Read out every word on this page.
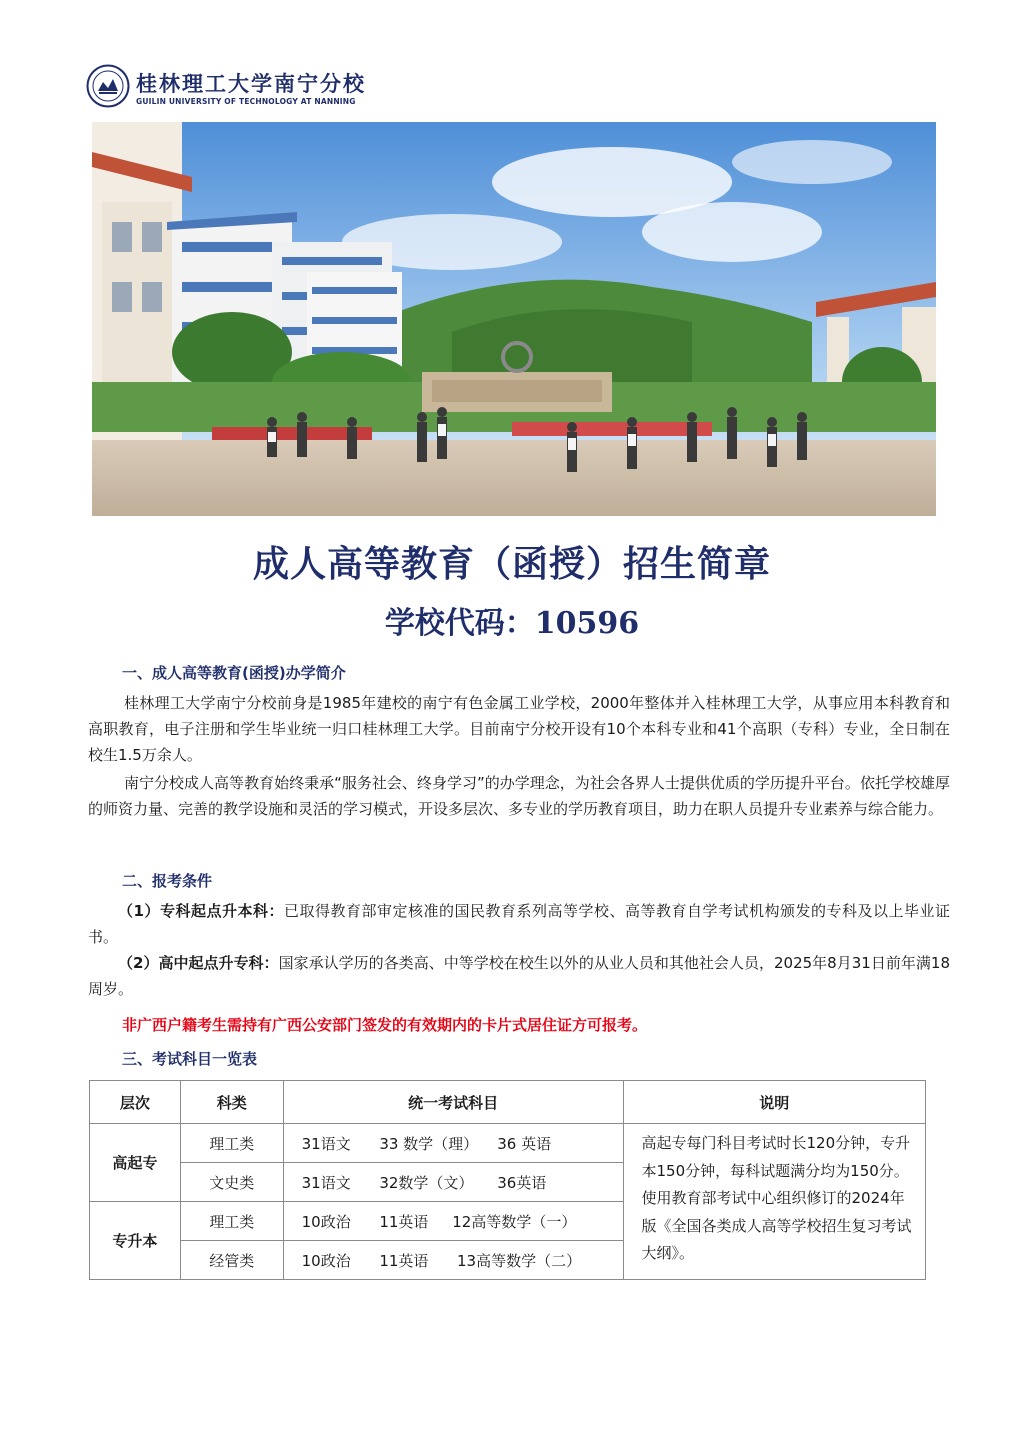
桂林理工大学南宁分校
GUILIN UNIVERSITY OF TECHNOLOGY AT NANNING
成人高等教育（函授）招生简章
学校代码：10596
一、成人高等教育(函授)办学简介

桂林理工大学南宁分校前身是1985年建校的南宁有色金属工业学校，2000年整体并入桂林理工大学，从事应用本科教育和高职教育，电子注册和学生毕业统一归口桂林理工大学。目前南宁分校开设有10个本科专业和41个高职（专科）专业，全日制在校生1.5万余人。

南宁分校成人高等教育始终秉承“服务社会、终身学习”的办学理念，为社会各界人士提供优质的学历提升平台。依托学校雄厚的师资力量、完善的教学设施和灵活的学习模式，开设多层次、多专业的学历教育项目，助力在职人员提升专业素养与综合能力。

二、报考条件

（1）专科起点升本科：已取得教育部审定核准的国民教育系列高等学校、高等教育自学考试机构颁发的专科及以上毕业证书。

（2）高中起点升专科：国家承认学历的各类高、中等学校在校生以外的从业人员和其他社会人员，2025年8月31日前年满18周岁。

非广西户籍考生需持有广西公安部门签发的有效期内的卡片式居住证方可报考。
三、考试科目一览表
层次	科类	统一考试科目	说明
高起专	理工类	31语文      33 数学（理）    36 英语	高起专每门科目考试时长120分钟，专升本150分钟，每科试题满分均为150分。使用教育部考试中心组织修订的2024年版《全国各类成人高等学校招生复习考试大纲》。
	文史类	31语文      32数学（文）     36英语	
专升本	理工类	10政治      11英语     12高等数学（一）	
	经管类	10政治      11英语      13高等数学（二）	
